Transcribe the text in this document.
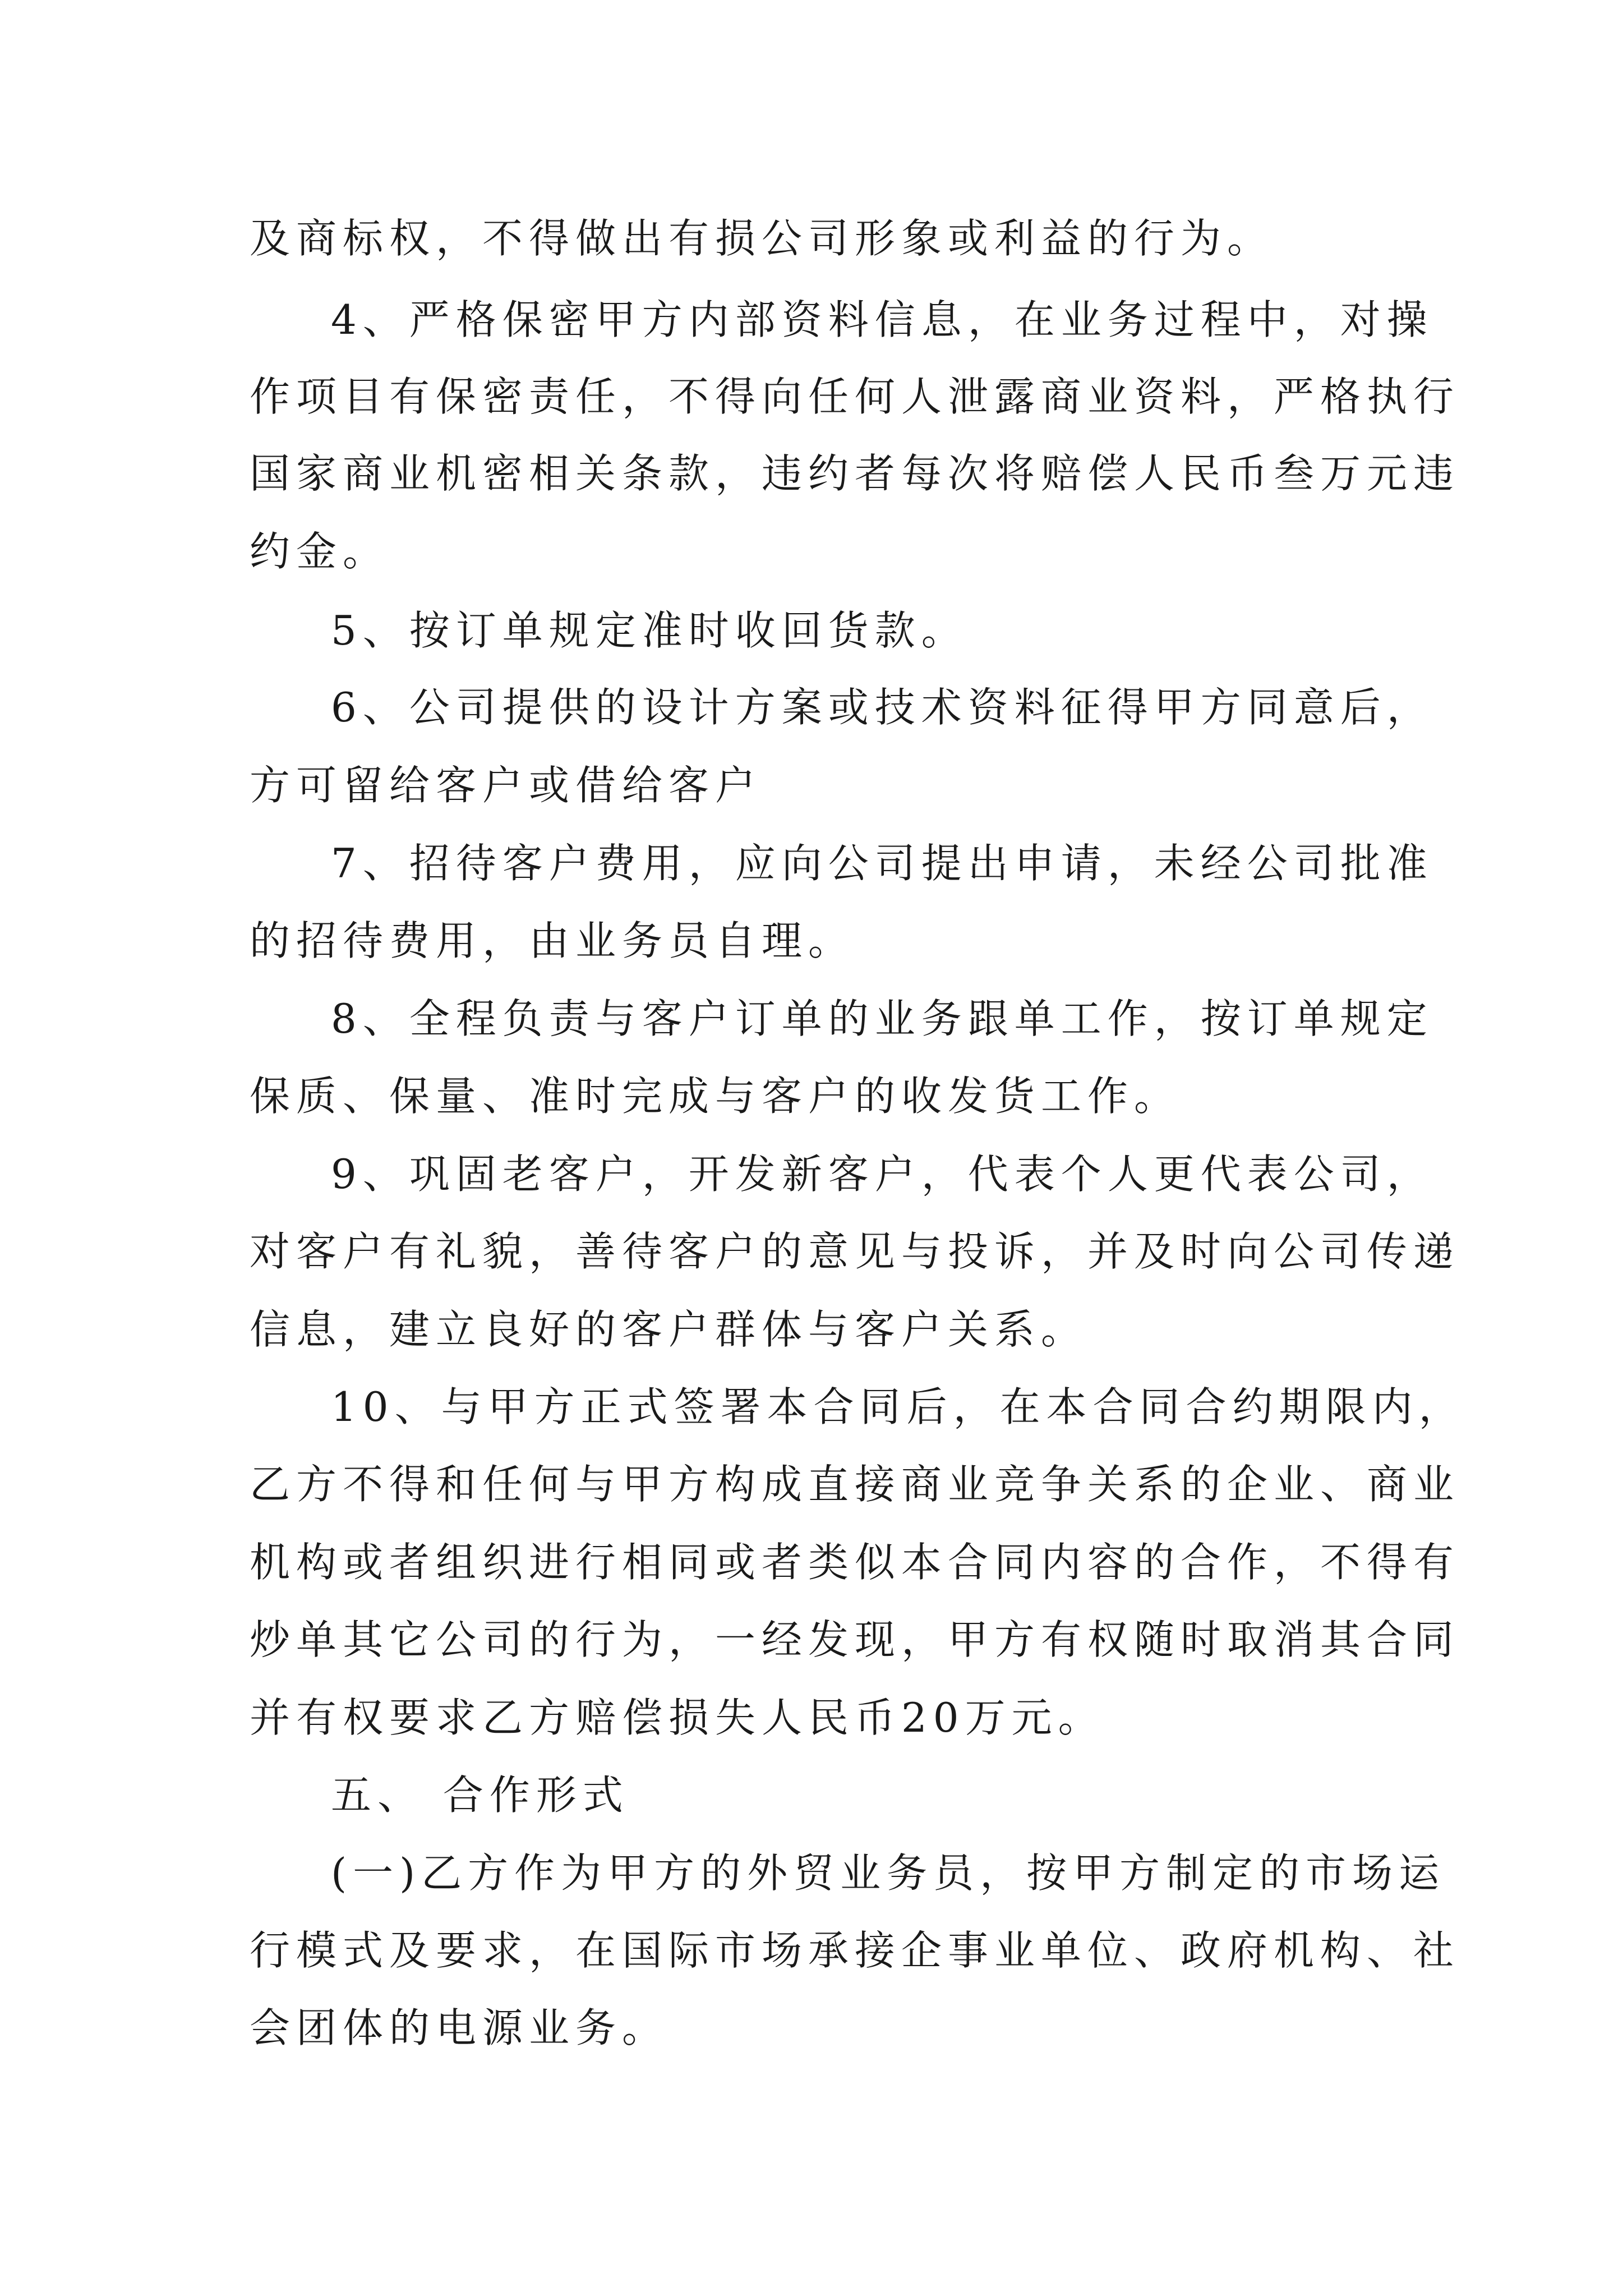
及商标权，不得做出有损公司形象或利益的行为。
4、严格保密甲方内部资料信息，在业务过程中，对操
作项目有保密责任，不得向任何人泄露商业资料，严格执行
国家商业机密相关条款，违约者每次将赔偿人民币叁万元违
约金。
5、按订单规定准时收回货款。
6、公司提供的设计方案或技术资料征得甲方同意后，
方可留给客户或借给客户
7、招待客户费用，应向公司提出申请，未经公司批准
的招待费用，由业务员自理。
8、全程负责与客户订单的业务跟单工作，按订单规定
保质、保量、准时完成与客户的收发货工作。
9、巩固老客户，开发新客户，代表个人更代表公司，
对客户有礼貌，善待客户的意见与投诉，并及时向公司传递
信息，建立良好的客户群体与客户关系。
10、与甲方正式签署本合同后，在本合同合约期限内，
乙方不得和任何与甲方构成直接商业竞争关系的企业、商业
机构或者组织进行相同或者类似本合同内容的合作，不得有
炒单其它公司的行为，一经发现，甲方有权随时取消其合同
并有权要求乙方赔偿损失人民币20万元。
五、 合作形式
(一)乙方作为甲方的外贸业务员，按甲方制定的市场运
行模式及要求，在国际市场承接企事业单位、政府机构、社
会团体的电源业务。
